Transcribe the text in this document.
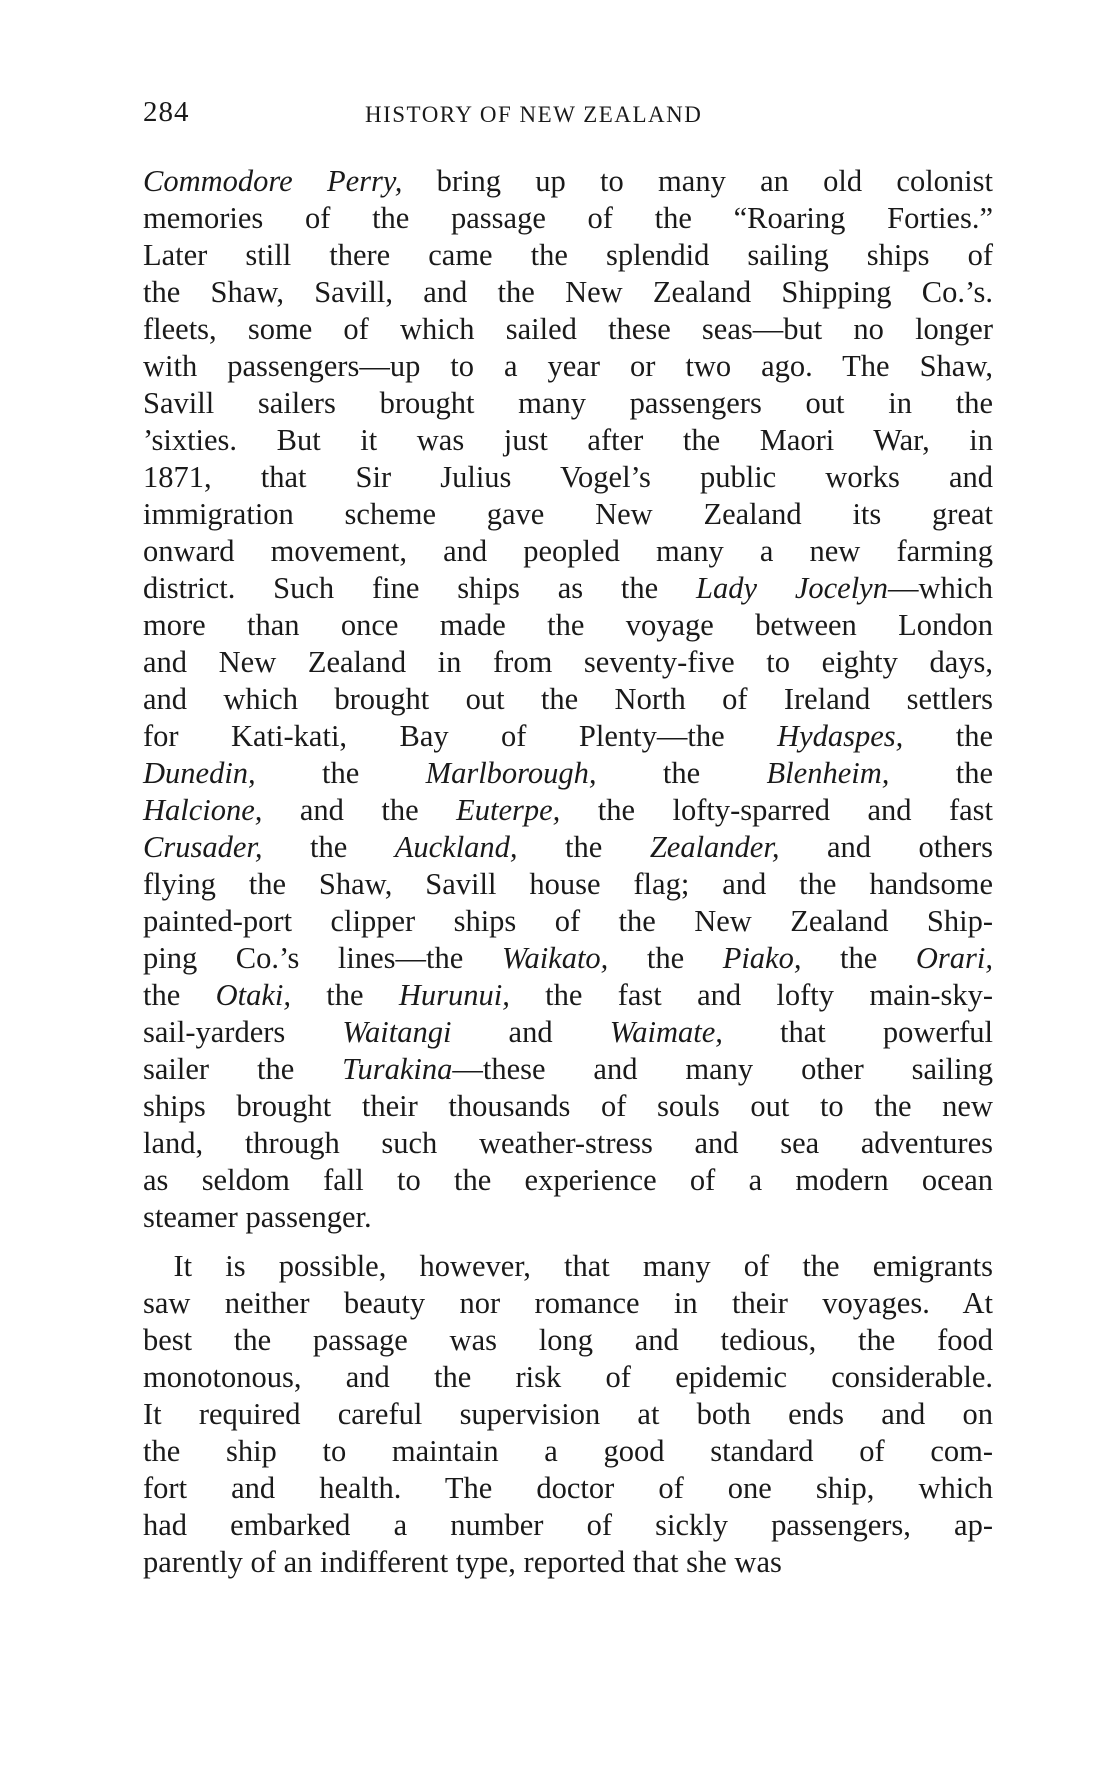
284	HISTORY OF NEW ZEALAND
Commodore Perry, bring up to many an old colonist
memories of the passage of the “Roaring Forties.”
Later still there came the splendid sailing ships of
the Shaw, Savill, and the New Zealand Shipping Co.’s.
fleets, some of which sailed these seas—but no longer
with passengers—up to a year or two ago. The Shaw,
Savill sailers brought many passengers out in the
’sixties. But it was just after the Maori War, in
1871, that Sir Julius Vogel’s public works and
immigration scheme gave New Zealand its great
onward movement, and peopled many a new farming
district. Such fine ships as the Lady Jocelyn—which
more than once made the voyage between London
and New Zealand in from seventy-five to eighty days,
and which brought out the North of Ireland settlers
for Kati-kati, Bay of Plenty—the Hydaspes, the
Dunedin, the Marlborough, the Blenheim, the
Halcione, and the Euterpe, the lofty-sparred and fast
Crusader, the Auckland, the Zealander, and others
flying the Shaw, Savill house flag; and the handsome
painted-port clipper ships of the New Zealand Ship-
ping Co.’s lines—the Waikato, the Piako, the Orari,
the Otaki, the Hurunui, the fast and lofty main-sky-
sail-yarders Waitangi and Waimate, that powerful
sailer the Turakina—these and many other sailing
ships brought their thousands of souls out to the new
land, through such weather-stress and sea adventures
as seldom fall to the experience of a modern ocean
steamer passenger.
 It is possible, however, that many of the emigrants
saw neither beauty nor romance in their voyages. At
best the passage was long and tedious, the food
monotonous, and the risk of epidemic considerable.
It required careful supervision at both ends and on
the ship to maintain a good standard of com-
fort and health. The doctor of one ship, which
had embarked a number of sickly passengers, ap-
parently of an indifferent type, reported that she was
